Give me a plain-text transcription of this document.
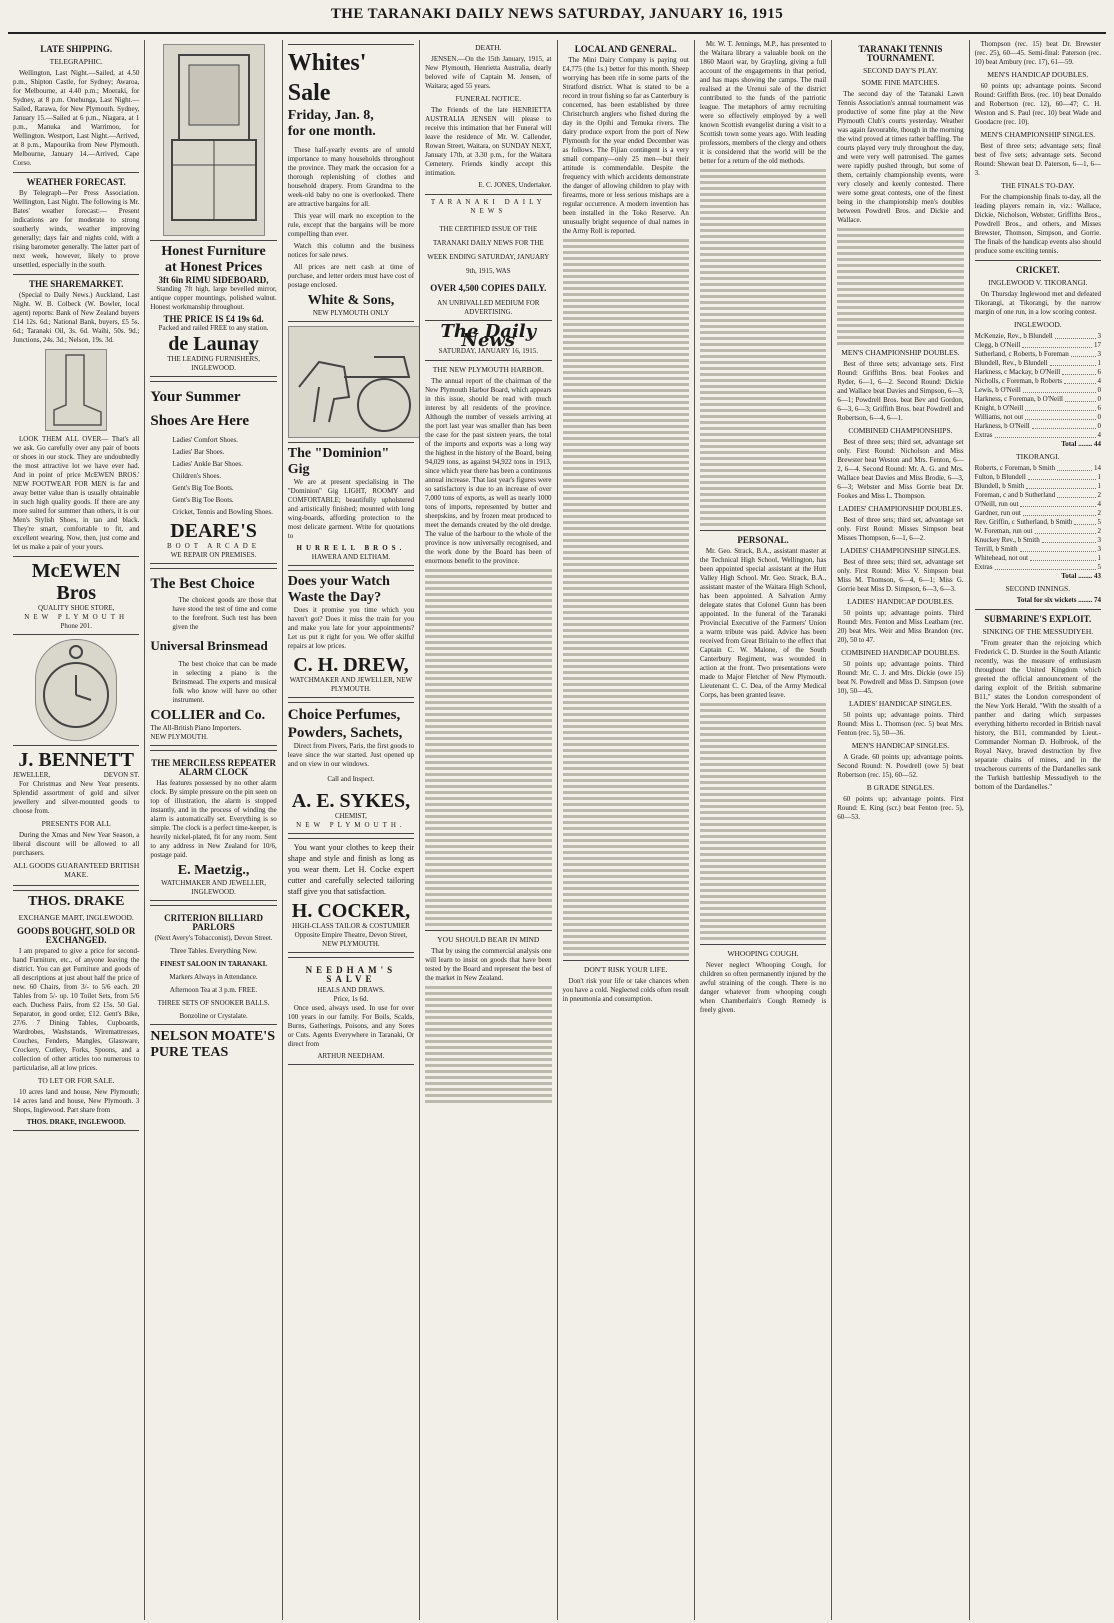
THE TARANAKI DAILY NEWS SATURDAY, JANUARY 16, 1915
LATE SHIPPING.
TELEGRAPHIC.
Wellington, Last Night.—Sailed, at 4.50 p.m., Shipton Castle, for Sydney; Awaroa, for Melbourne, at 4.40 p.m.; Moeraki, for Sydney, at 8 p.m. Onehunga, Last Night.—Sailed, Rarawa, for New Plymouth. Sydney, January 15.—Sailed at 6 p.m., Niagara, at 1 p.m., Manuka and Warrimoo, for Wellington. Westport, Last Night.—Arrived, at 8 p.m., Mapourika from New Plymouth. Melbourne, January 14.—Arrived, Cape Corso.
WEATHER FORECAST.
By Telegraph—Per Press Association. Wellington, Last Night. The following is Mr. Bates' weather forecast:— Present indications are for moderate to strong southerly winds, weather improving generally; days fair and nights cold, with a rising barometer generally. The latter part of next week, however, likely to prove unsettled, especially in the south.
THE SHAREMARKET.
(Special to Daily News.) Auckland, Last Night. W. B. Colbeck (W. Bowler, local agent) reports: Bank of New Zealand buyers £14 12s. 6d.; National Bank, buyers, £5 5s. 6d.; Taranaki Oil, 3s. 6d. Waihi, 50s. 9d.; Junctions, 24s. 3d.; Nelson, 19s. 3d.
LOOK THEM ALL OVER— That's all we ask. Go carefully over any pair of boots or shoes in our stock. They are undoubtedly the most attractive lot we have ever had. And in point of price McEWEN BROS.' NEW FOOTWEAR FOR MEN is far and away better value than is usually obtainable in such high quality goods. If there are any more suited for summer than others, it is our Men's Stylish Shoes, in tan and black. They're smart, comfortable to fit, and excellent wearing. Now, then, just come and let us make a pair of your yours.
McEWEN Bros
QUALITY SHOE STORE,
NEW PLYMOUTH
Phone 201.
J. BENNETT
JEWELLER,	DEVON ST.
For Christmas and New Year presents. Splendid assortment of gold and silver jewellery and silver-mounted goods to choose from.
PRESENTS FOR ALL
During the Xmas and New Year Season, a liberal discount will be allowed to all purchasers.
ALL GOODS GUARANTEED BRITISH MAKE.
THOS. DRAKE
EXCHANGE MART, INGLEWOOD.
GOODS BOUGHT, SOLD OR EXCHANGED.
I am prepared to give a price for second-hand Furniture, etc., of anyone leaving the district. You can get Furniture and goods of all descriptions at just about half the price of new. 60 Chairs, from 3/- to 5/6 each. 20 Tables from 5/- up. 10 Toilet Sets, from 5/6 each. Duchess Pairs, from £2 15s. 50 Gal. Separator, in good order, £12. Gent's Bike, 27/6. 7 Dining Tables, Cupboards, Wardrobes, Washstands, Wiremattresses, Couches, Fenders, Mangles, Glassware, Crockery, Cutlery, Forks, Spoons, and a collection of other articles too numerous to particularise, all at low prices.
TO LET OR FOR SALE.
10 acres land and house, New Plymouth; 14 acres land and house, New Plymouth. 3 Shops, Inglewood. Part share from
THOS. DRAKE, INGLEWOOD.
Honest Furniture
at Honest Prices
3ft 6in RIMU SIDEBOARD,
Standing 7ft high, large bevelled mirror, antique copper mountings, polished walnut. Honest workmanship throughout.
THE PRICE IS £4 19s 6d.
Packed and railed FREE to any station.
de Launay
THE LEADING FURNISHERS,
INGLEWOOD.
Your Summer Shoes Are Here
Ladies' Comfort Shoes.
Ladies' Bar Shoes.
Ladies' Ankle Bar Shoes.
Children's Shoes.
Gent's Big Toe Boots.
Gent's Big Toe Boots.
Cricket, Tennis and Bowling Shoes.
DEARE'S
BOOT ARCADE
WE REPAIR ON PREMISES.
The Best Choice
The choicest goods are those that have stood the test of time and come to the forefront. Such test has been given the
Universal Brinsmead
The best choice that can be made in selecting a piano is the Brinsmead. The experts and musical folk who know will have no other instrument.
COLLIER and Co.
The All-British Piano Importers.
NEW PLYMOUTH.
THE MERCILESS REPEATER ALARM CLOCK
Has features possessed by no other alarm clock. By simple pressure on the pin seen on top of illustration, the alarm is stopped instantly, and in the process of winding the alarm is automatically set. Everything is so simple. The clock is a perfect time-keeper, is heavily nickel-plated, fit for any room. Sent to any address in New Zealand for 10/6, postage paid.
E. Maetzig.,
WATCHMAKER AND JEWELLER, INGLEWOOD.
CRITERION BILLIARD PARLORS
(Next Avery's Tobacconist), Devon Street.
Three Tables. Everything New.
FINEST SALOON IN TARANAKI.
Markers Always in Attendance.
Afternoon Tea at 3 p.m. FREE.
THREE SETS OF SNOOKER BALLS.
Bonzoline or Crystalate.
NELSON MOATE'S PURE TEAS
Whites'
Sale
Friday, Jan. 8,
for one month.
These half-yearly events are of untold importance to many households throughout the province. They mark the occasion for a thorough replenishing of clothes and household drapery. From Grandma to the week-old baby no one is overlooked. There are attractive bargains for all.
This year will mark no exception to the rule, except that the bargains will be more compelling than ever.
Watch this column and the business notices for sale news.
All prices are nett cash at time of purchase, and letter orders must have cost of postage enclosed.
White & Sons,
NEW PLYMOUTH ONLY
The "Dominion" Gig
We are at present specialising in The "Dominion" Gig LIGHT, ROOMY and COMFORTABLE; beautifully upholstered and artistically finished; mounted with long wing-boards, affording protection to the most delicate garment. Write for quotations to
HURRELL BROS.
HAWERA AND ELTHAM.
Does your Watch Waste the Day?
Does it promise you time which you haven't got? Does it miss the train for you and make you late for your appointments? Let us put it right for you. We offer skilful repairs at low prices.
C. H. DREW,
WATCHMAKER AND JEWELLER, NEW PLYMOUTH.
Choice Perfumes, Powders, Sachets,
Direct from Pivers, Paris, the first goods to leave since the war started. Just opened up and on view in our windows.
Call and Inspect.
A. E. SYKES,
CHEMIST,
NEW PLYMOUTH.
You want your clothes to keep their shape and style and finish as long as you wear them. Let H. Cocke expert cutter and carefully selected tailoring staff give you that satisfaction.
H. COCKER,
HIGH-CLASS TAILOR & COSTUMIER Opposite Empire Theatre, Devon Street, NEW PLYMOUTH.
NEEDHAM'S SALVE
HEALS AND DRAWS.
Price, 1s 6d.
Once used, always used. In use for over 100 years in our family. For Boils, Scalds, Burns, Gatherings, Poisons, and any Sores or Cuts. Agents Everywhere in Taranaki, Or direct from
ARTHUR NEEDHAM.
DEATH.
JENSEN.—On the 15th January, 1915, at New Plymouth, Henrietta Australia, dearly beloved wife of Captain M. Jensen, of Waitara; aged 55 years.
FUNERAL NOTICE.
The Friends of the late HENRIETTA AUSTRALIA JENSEN will please to receive this intimation that her Funeral will leave the residence of Mr. W. Callender, Rowan Street, Waitara, on SUNDAY NEXT, January 17th, at 3.30 p.m., for the Waitara Cemetery. Friends kindly accept this intimation.
E. C. JONES, Undertaker.
TARANAKI DAILY NEWS
THE CERTIFIED ISSUE OF THE TARANAKI DAILY NEWS FOR THE WEEK ENDING SATURDAY, JANUARY 9th, 1915, WAS
OVER 4,500 COPIES DAILY.
AN UNRIVALLED MEDIUM FOR ADVERTISING.
The Daily News
SATURDAY, JANUARY 16, 1915.
THE NEW PLYMOUTH HARBOR.
The annual report of the chairman of the New Plymouth Harbor Board, which appears in this issue, should be read with much interest by all residents of the province. Although the number of vessels arriving at the port last year was smaller than has been the case for the past sixteen years, the total of the imports and exports was a long way the highest in the history of the Board, being 94,029 tons, as against 94,922 tons in 1913, since which year there has been a continuous annual increase. That last year's figures were so satisfactory is due to an increase of over 7,000 tons of exports, as well as nearly 1000 tons of imports, represented by butter and sheepskins, and by frozen meat produced to meet the demands created by the old dredge. The value of the harbour to the whole of the province is now universally recognised, and the work done by the Board has been of enormous benefit to the province.
YOU SHOULD BEAR IN MIND
That by using the commercial analysis one will learn to insist on goods that have been tested by the Board and represent the best of the market in New Zealand.
LOCAL AND GENERAL.
The Mini Dairy Company is paying out £4,775 (the 1s.) better for this month. Sheep worrying has been rife in some parts of the Stratford district. What is stated to be a record in trout fishing so far as Canterbury is concerned, has been established by three Christchurch anglers who fished during the day in the Opihi and Temuka rivers. The dairy produce export from the port of New Plymouth for the year ended December was as follows. The Fijian contingent is a very small company—only 25 men—but their attitude is commendable. Despite the frequency with which accidents demonstrate the danger of allowing children to play with firearms, more or less serious mishaps are a regular occurrence. A modern invention has been installed in the Toko Reserve. An unusually bright sequence of dual names in the Army Roll is reported.
DON'T RISK YOUR LIFE.
Don't risk your life or take chances when you have a cold. Neglected colds often result in pneumonia and consumption.
Mr. W. T. Jennings, M.P., has presented to the Waitara library a valuable book on the 1860 Maori war, by Grayling, giving a full account of the engagements in that period, and has maps showing the camps. The mail realised at the Urenui sale of the district contributed to the funds of the patriotic league. The metaphors of army recruiting were so effectively employed by a well known Scottish evangelist during a visit to a Scottish town some years ago. With leading professors, members of the clergy and others it is considered that the world will be the better for a return of the old methods.
PERSONAL.
Mr. Geo. Strack, B.A., assistant master at the Technical High School, Wellington, has been appointed special assistant at the Hutt Valley High School. Mr. Geo. Strack, B.A., assistant master of the Waitara High School, has been appointed. A Salvation Army delegate states that Colonel Gunn has been appointed. In the funeral of the Taranaki Provincial Executive of the Farmers' Union a warm tribute was paid. Advice has been received from Great Britain to the effect that Captain C. W. Malone, of the South Canterbury Regiment, was wounded in action at the front. Two presentations were made to Major Fletcher of New Plymouth. Lieutenant C. C. Dea, of the Army Medical Corps, has been granted leave.
WHOOPING COUGH.
Never neglect Whooping Cough, for children so often permanently injured by the awful straining of the cough. There is no danger whatever from whooping cough when Chamberlain's Cough Remedy is freely given.
TARANAKI TENNIS TOURNAMENT.
SECOND DAY'S PLAY.
SOME FINE MATCHES.
The second day of the Taranaki Lawn Tennis Association's annual tournament was productive of some fine play at the New Plymouth Club's courts yesterday. Weather was again favourable, though in the morning the wind proved at times rather baffling. The courts played very truly throughout the day, and were very well patronised. The games were rapidly pushed through, but some of them, certainly championship events, were very closely and keenly contested. There were some great contests, one of the finest being in the championship men's doubles between Powdrell Bros. and Dickie and Wallace.
MEN'S CHAMPIONSHIP DOUBLES.
Best of three sets; advantage sets. First Round: Griffiths Bros. beat Fookes and Ryder, 6—1, 6—2. Second Round: Dickie and Wallace beat Davies and Simpson, 6—3, 6—1; Powdrell Bros. beat Bev and Gordon, 6—3, 6—3; Griffith Bros. beat Powdrell and Robertson, 6—4, 6—1.
COMBINED CHAMPIONSHIPS.
Best of three sets; third set, advantage set only. First Round: Nicholson and Miss Brewster beat Weston and Mrs. Fenton, 6—2, 6—4. Second Round: Mr. A. G. and Mrs. Wallace beat Davies and Miss Brodie, 6—3, 6—3; Webster and Miss Gorrie beat Dr. Fookes and Miss L. Thompson.
LADIES' CHAMPIONSHIP DOUBLES.
Best of three sets; third set, advantage set only. First Round: Misses Simpson beat Misses Thompson, 6—1, 6—2.
LADIES' CHAMPIONSHIP SINGLES.
Best of three sets; third set, advantage set only. First Round: Miss V. Simpson beat Miss M. Thomson, 6—4, 6—1; Miss G. Gorrie beat Miss D. Simpson, 6—3, 6—3.
LADIES' HANDICAP DOUBLES.
50 points up; advantage points. Third Round: Mrs. Fenton and Miss Leatham (rec. 20) beat Mrs. Weir and Miss Brandon (rec. 20), 50 to 47.
COMBINED HANDICAP DOUBLES.
50 points up; advantage points. Third Round: Mr. C. J. and Mrs. Dickie (owe 15) beat N. Powdrell and Miss D. Simpson (owe 10), 50—45.
LADIES' HANDICAP SINGLES.
50 points up; advantage points. Third Round: Miss L. Thomson (rec. 5) beat Mrs. Fenton (rec. 5), 50—36.
MEN'S HANDICAP SINGLES.
A Grade. 60 points up; advantage points. Second Round: N. Powdrell (owe 5) beat Robertson (rec. 15), 60—52.
B GRADE SINGLES.
60 points up; advantage points. First Round: E. King (scr.) beat Fenton (rec. 5), 60—53.
Thompson (rec. 15) beat Dr. Brewster (rec. 25), 60—45. Semi-final: Paterson (rec. 10) beat Ambury (rec. 17), 61—59.
MEN'S HANDICAP DOUBLES.
60 points up; advantage points. Second Round: Griffith Bros. (rec. 10) beat Donaldo and Robertson (rec. 12), 60—47; C. H. Weston and S. Paul (rec. 10) beat Wade and Goodacre (rec. 10).
MEN'S CHAMPIONSHIP SINGLES.
Best of three sets; advantage sets; final best of five sets; advantage sets. Second Round: Shewan beat D. Paterson, 6—1, 6—3.
THE FINALS TO-DAY.
For the championship finals to-day, all the leading players remain in, viz.: Wallace, Dickie, Nicholson, Webster, Griffiths Bros., Powdrell Bros., and others, and Misses Brewster, Thomson, Simpson, and Gorrie. The finals of the handicap events also should produce some exciting tennis.
CRICKET.
INGLEWOOD V. TIKORANGI.
On Thursday Inglewood met and defeated Tikorangi, at Tikorangi, by the narrow margin of one run, in a low scoring contest.
INGLEWOOD.
McKenzie, Rev., b Blundell	3
Clegg, b O'Neill	17
Sutherland, c Roberts, b Foreman	3
Blundell, Rev., b Blundell	1
Harkness, c Mackay, b O'Neill	6
Nicholls, c Foreman, b Roberts	4
Lewis, b O'Neill	0
Harkness, c Foreman, b O'Neill	0
Knight, b O'Neill	6
Williams, not out	0
Harkness, b O'Neill	0
Extras	4
Total ........ 44
TIKORANGI.
Roberts, c Foreman, b Smith	14
Fulton, b Blundell	1
Blundell, b Smith	1
Foreman, c and b Sutherland	2
O'Neill, run out	4
Gardner, run out	2
Rev. Griffin, c Sutherland, b Smith	5
W. Foreman, run out	2
Knuckey Rev., b Smith	3
Terrill, b Smith	3
Whitehead, not out	1
Extras	5
Total ........ 43
SECOND INNINGS.
Total for six wickets ........ 74
SUBMARINE'S EXPLOIT.
SINKING OF THE MESSUDIYEH.
"From greater than the rejoicing which Frederick C. D. Sturdee in the South Atlantic recently, was the measure of enthusiasm throughout the United Kingdom which greeted the official announcement of the daring exploit of the British submarine B11," states the London correspondent of the New York Herald. "With the stealth of a panther and daring which surpasses everything hitherto recorded in British naval history, the B11, commanded by Lieut.-Commander Norman D. Holbrook, of the Royal Navy, braved destruction by five separate chains of mines, and in the treacherous currents of the Dardanelles sank the Turkish battleship Messudiyeh to the bottom of the Dardanelles."
